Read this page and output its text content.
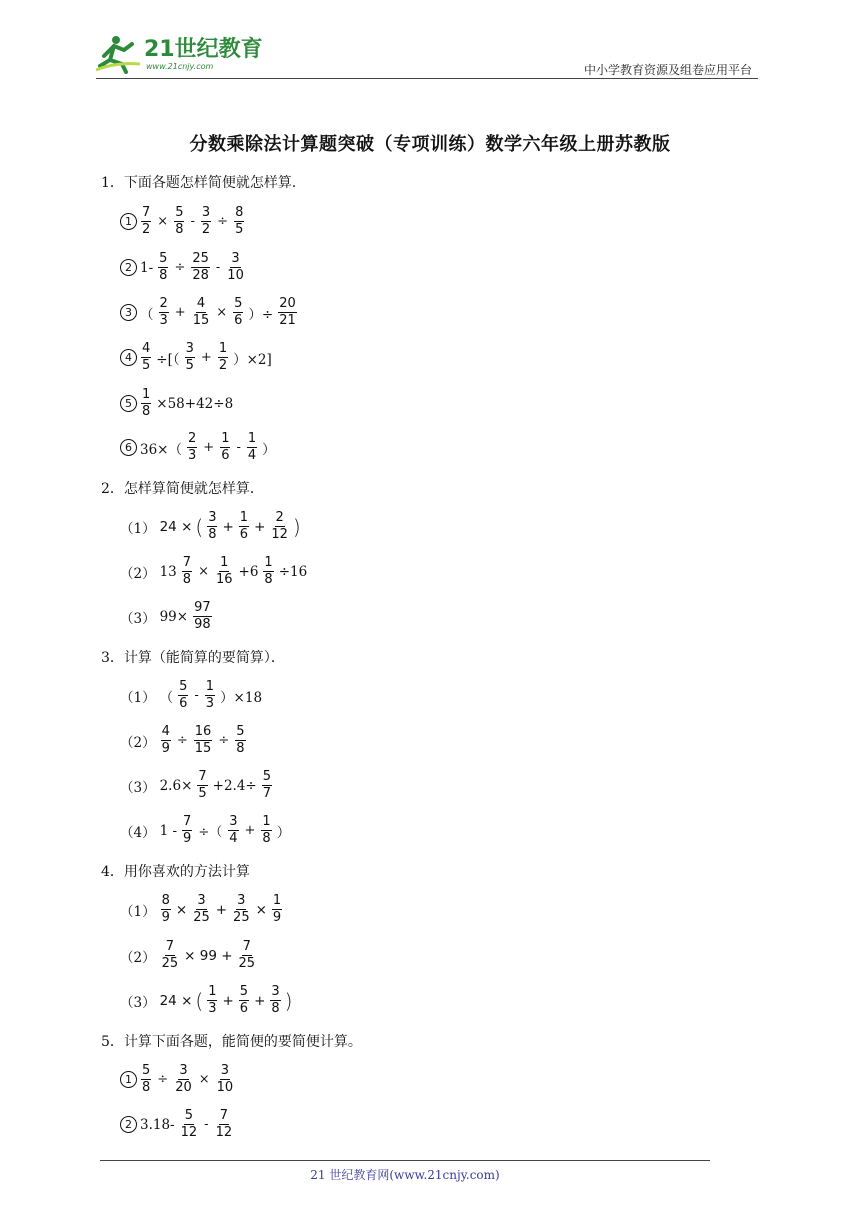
21世纪教育
www.21cnjy.com	中小学教育资源及组卷应用平台
分数乘除法计算题突破（专项训练）数学六年级上册苏教版
1．下面各题怎样简便就怎样算．
2．怎样算简便就怎样算．
3．计算（能简算的要简算）．
4．用你喜欢的方法计算
5．计算下面各题，能简便的要简便计算。
$1 \frac{7}{2} \times \frac{5}{8} - \frac{3}{2} \div \frac{8}{5}$
2 $1- \frac{5}{8} \div \frac{25}{28} - \frac{3}{10}$
3 （ $\frac{2}{3} + \frac{4}{15} \times \frac{5}{6}$ ）÷ $\frac{20}{21}$
$4 \frac{4}{5}$ ÷[（ $\frac{3}{5} + \frac{1}{2} )\times 2$]
$5 \frac{1}{8} \times 58+42\div 8$
6 $36\times( \frac{2}{3} + \frac{1}{6} - \frac{1}{4}$ ）
（1） 24 × ( $\frac{3}{8} + \frac{1}{6} + \frac{2}{12}$ )
（2） $13 \frac{7}{8} \times \frac{1}{16} +6 \frac{1}{8} \div 16$
（3） $99\times \frac{97}{98}$
（1） （ $\frac{5}{6} - \frac{1}{3} )\times 18$
$(2) \frac{4}{9} \div \frac{16}{15} \div \frac{5}{8}$
（3） $2.6\times \frac{7}{5} +2.4\div \frac{5}{7}$
（4） $1 - \frac{7}{9}$ ÷（ $\frac{3}{4} + \frac{1}{8}$ ）
$(1) \frac{8}{9} \times \frac{3}{25} + \frac{3}{25} \times \frac{1}{9}$
$(2) \frac{7}{25} \times 99 + \frac{7}{25}$
（3） 24 × ( $\frac{1}{3} + \frac{5}{6} + \frac{3}{8}$ )
$1 \frac{5}{8} \div \frac{3}{20} \times \frac{3}{10}$
2 $3.18- \frac{5}{12} - \frac{7}{12}$
21 世纪教育网(www.21cnjy.com)
